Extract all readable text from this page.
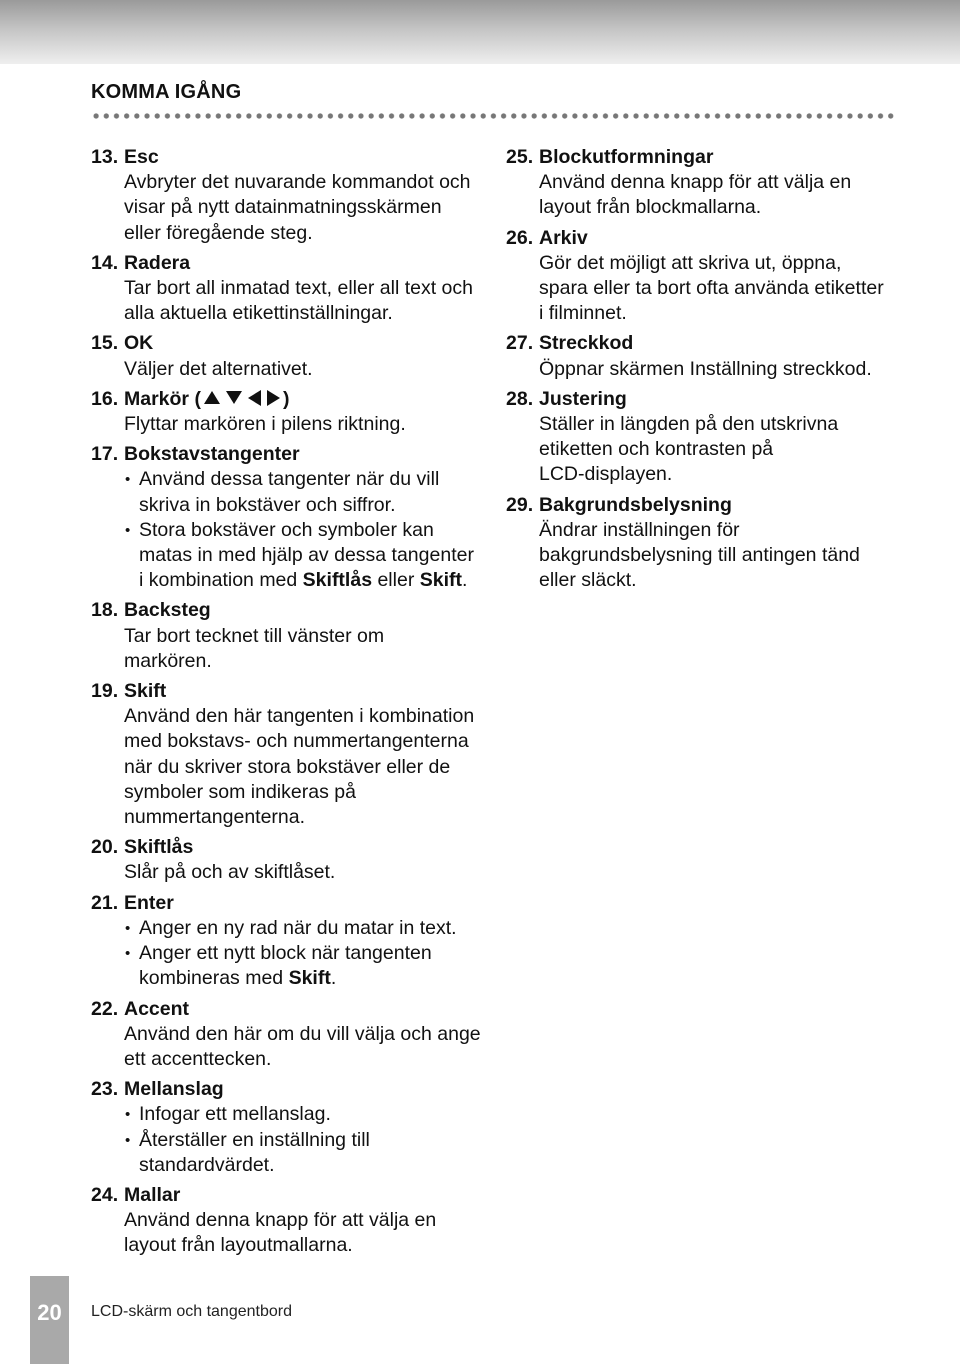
KOMMA IGÅNG
13. Esc
Avbryter det nuvarande kommandot och
visar på nytt datainmatningsskärmen
eller föregående steg.
14. Radera
Tar bort all inmatad text, eller all text och
alla aktuella etikettinställningar.
15. OK
Väljer det alternativet.
16. Markör (	)
Flyttar markören i pilens riktning.
17. Bokstavstangenter
• Använd dessa tangenter när du vill
skriva in bokstäver och siffror.
• Stora bokstäver och symboler kan
matas in med hjälp av dessa tangenter
i kombination med Skiftlås eller Skift.
18. Backsteg
Tar bort tecknet till vänster om
markören.
19. Skift
Använd den här tangenten i kombination
med bokstavs- och nummertangenterna
när du skriver stora bokstäver eller de
symboler som indikeras på
nummertangenterna.
20. Skiftlås
Slår på och av skiftlåset.
21. Enter
• Anger en ny rad när du matar in text.
• Anger ett nytt block när tangenten
kombineras med Skift.
22. Accent
Använd den här om du vill välja och ange
ett accenttecken.
23. Mellanslag
• Infogar ett mellanslag.
• Återställer en inställning till
standardvärdet.
24. Mallar
Använd denna knapp för att välja en
layout från layoutmallarna.
25. Blockutformningar
Använd denna knapp för att välja en
layout från blockmallarna.
26. Arkiv
Gör det möjligt att skriva ut, öppna,
spara eller ta bort ofta använda etiketter
i filminnet.
27. Streckkod
Öppnar skärmen Inställning streckkod.
28. Justering
Ställer in längden på den utskrivna
etiketten och kontrasten på
LCD-displayen.
29. Bakgrundsbelysning
Ändrar inställningen för
bakgrundsbelysning till antingen tänd
eller släckt.
20	LCD-skärm och tangentbord
